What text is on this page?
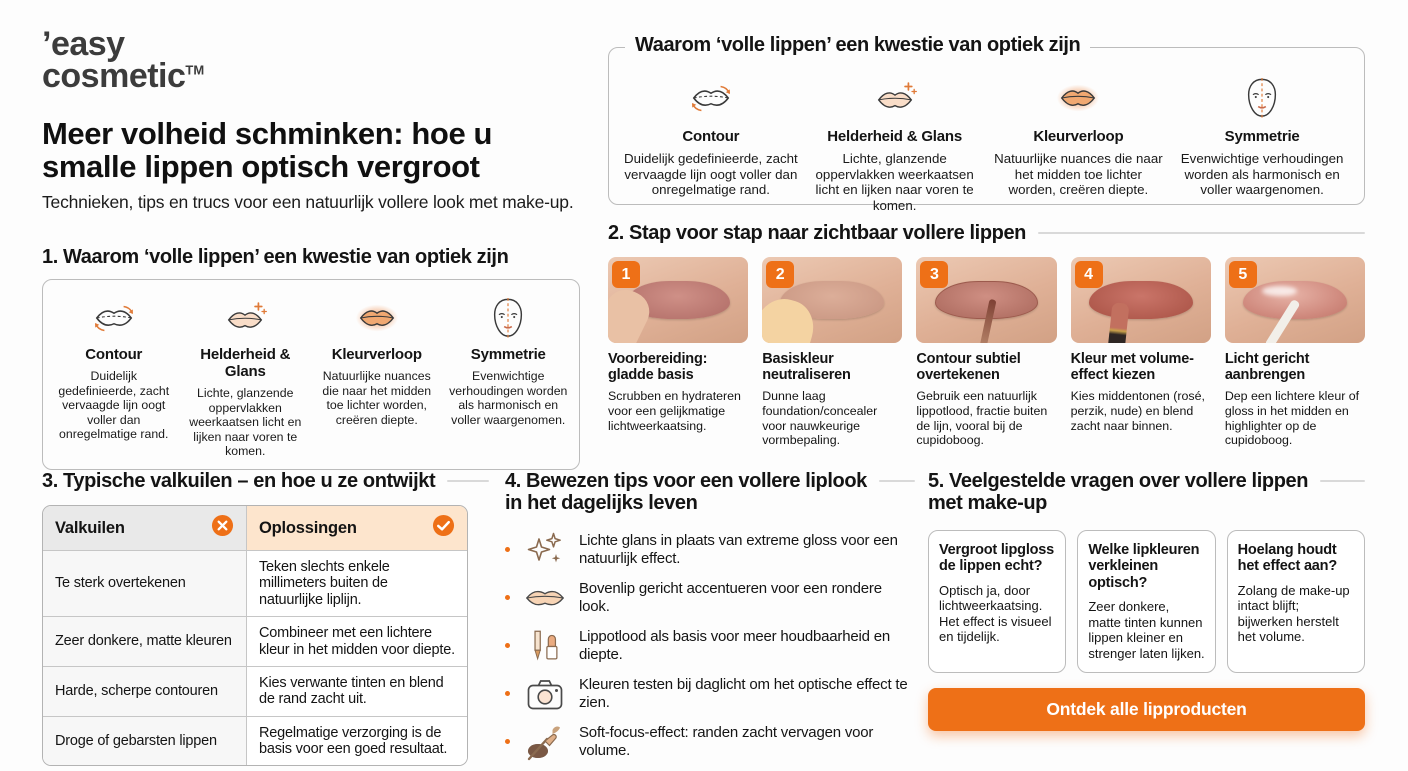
’easy
cosmetic™
Meer volheid schminken: hoe u
smalle lippen optisch vergroot

Technieken, tips en trucs voor een natuurlijk vollere look met make-up.

Waarom ‘volle lippen’ een kwestie van optiek zijn
Contour
Duidelijk gedefinieerde, zacht vervaagde lijn oogt voller dan onregelmatige rand.
Helderheid & Glans
Lichte, glanzende oppervlakken weerkaatsen licht en lijken naar voren te komen.
Kleurverloop
Natuurlijke nuances die naar het midden toe lichter worden, creëren diepte.
Symmetrie
Evenwichtige verhoudingen worden als harmonisch en voller waargenomen.
1. Waarom ‘volle lippen’ een kwestie van optiek zijn
Contour
Duidelijk gedefinieerde, zacht vervaagde lijn oogt voller dan onregelmatige rand.
Helderheid & Glans
Lichte, glanzende oppervlakken weerkaatsen licht en lijken naar voren te komen.
Kleurverloop
Natuurlijke nuances die naar het midden toe lichter worden, creëren diepte.
Symmetrie
Evenwichtige verhoudingen worden als harmonisch en voller waargenomen.
2. Stap voor stap naar zichtbaar vollere lippen
1
Voorbereiding: gladde basis
Scrubben en hydrateren voor een gelijkmatige lichtweerkaatsing.
2
Basiskleur neutraliseren
Dunne laag foundation/concealer voor nauwkeurige vormbepaling.
3
Contour subtiel overtekenen
Gebruik een natuurlijk lippotlood, fractie buiten de lijn, vooral bij de cupidoboog.
4
Kleur met volume-effect kiezen
Kies middentonen (rosé, perzik, nude) en blend zacht naar binnen.
5
Licht gericht aanbrengen
Dep een lichtere kleur of gloss in het midden en highlighter op de cupidoboog.
3. Typische valkuilen – en hoe u ze ontwijkt
Valkuilen	Oplossingen
Te sterk overtekenen
Teken slechts enkele millimeters buiten de natuurlijke liplijn.
Zeer donkere, matte kleuren
Combineer met een lichtere kleur in het midden voor diepte.
Harde, scherpe contouren
Kies verwante tinten en blend de rand zacht uit.
Droge of gebarsten lippen
Regelmatige verzorging is de basis voor een goed resultaat.
4. Bewezen tips voor een vollere liplook
in het dagelijks leven
Lichte glans in plaats van extreme gloss voor een natuurlijk effect.
Bovenlip gericht accentueren voor een rondere look.
Lippotlood als basis voor meer houdbaarheid en diepte.
Kleuren testen bij daglicht om het optische effect te zien.
Soft-focus-effect: randen zacht vervagen voor volume.
5. Veelgestelde vragen over vollere lippen
met make-up
Vergroot lipgloss de lippen echt?
Optisch ja, door lichtweerkaatsing. Het effect is visueel en tijdelijk.
Welke lipkleuren verkleinen optisch?
Zeer donkere, matte tinten kunnen lippen kleiner en strenger laten lijken.
Hoelang houdt het effect aan?
Zolang de make-up intact blijft; bijwerken herstelt het volume.
Ontdek alle lipproducten
